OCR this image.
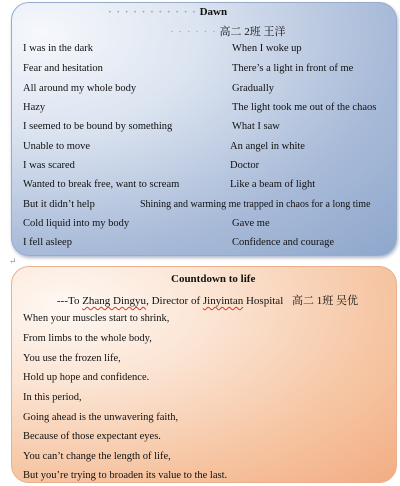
· · · · · · · · · · · Dawn
· · · · · · 高二 2班 王洋
I was in the dark	When I woke up
Fear and hesitation	There’s a light in front of me
All around my whole body	Gradually
Hazy	The light took me out of the chaos
I seemed to be bound by something	What I saw
Unable to move	An angel in white
I was scared	Doctor
Wanted to break free, want to scream	Like a beam of light
But it didn’t help	Shining and warming me trapped in chaos for a long time
Cold liquid into my body	Gave me
I fell asleep	Confidence and courage
↵
Countdown to life
---To Zhang Dingyu, Director of Jinyintan Hospital 高二 1班 吴优
When your muscles start to shrink,
From limbs to the whole body,
You use the frozen life,
Hold up hope and confidence.
In this period,
Going ahead is the unwavering faith,
Because of those expectant eyes.
You can’t change the length of life,
But you’re trying to broaden its value to the last.
